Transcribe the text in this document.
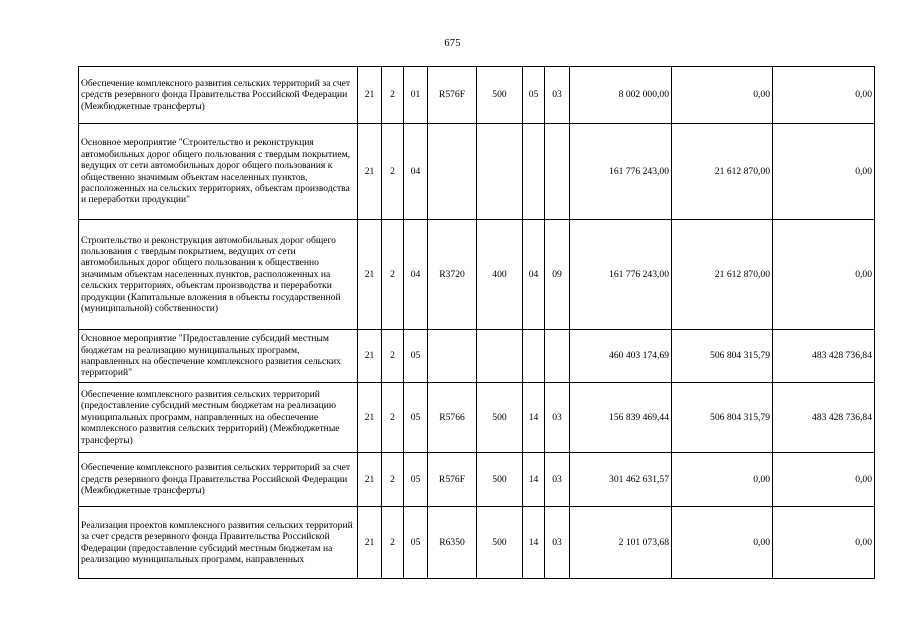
675
Обеспечение комплексного развития сельских территорий за счет средств резервного фонда Правительства Российской Федерации (Межбюджетные трансферты)	21	2	01	R576F	500	05	03	8 002 000,00	0,00	0,00
Основное мероприятие "Строительство и реконструкция автомобильных дорог общего пользования с твердым покрытием, ведущих от сети автомобильных дорог общего пользования к общественно значимым объектам населенных пунктов, расположенных на сельских территориях, объектам производства и переработки продукции"	21	2	04					161 776 243,00	21 612 870,00	0,00
Строительство и реконструкция автомобильных дорог общего пользования с твердым покрытием, ведущих от сети автомобильных дорог общего пользования к общественно значимым объектам населенных пунктов, расположенных на сельских территориях, объектам производства и переработки продукции (Капитальные вложения в объекты государственной (муниципальной) собственности)	21	2	04	R3720	400	04	09	161 776 243,00	21 612 870,00	0,00
Основное мероприятие "Предоставление субсидий местным бюджетам на реализацию муниципальных программ, направленных на обеспечение комплексного развития сельских территорий"	21	2	05					460 403 174,69	506 804 315,79	483 428 736,84
Обеспечение комплексного развития сельских территорий (предоставление субсидий местным бюджетам на реализацию муниципальных программ, направленных на обеспечение комплексного развития сельских территорий) (Межбюджетные трансферты)	21	2	05	R5766	500	14	03	156 839 469,44	506 804 315,79	483 428 736,84
Обеспечение комплексного развития сельских территорий за счет средств резервного фонда Правительства Российской Федерации (Межбюджетные трансферты)	21	2	05	R576F	500	14	03	301 462 631,57	0,00	0,00
Реализация проектов комплексного развития сельских территорий за счет средств резервного фонда Правительства Российской Федерации (предоставление субсидий местным бюджетам на реализацию муниципальных программ, направленных	21	2	05	R6350	500	14	03	2 101 073,68	0,00	0,00
